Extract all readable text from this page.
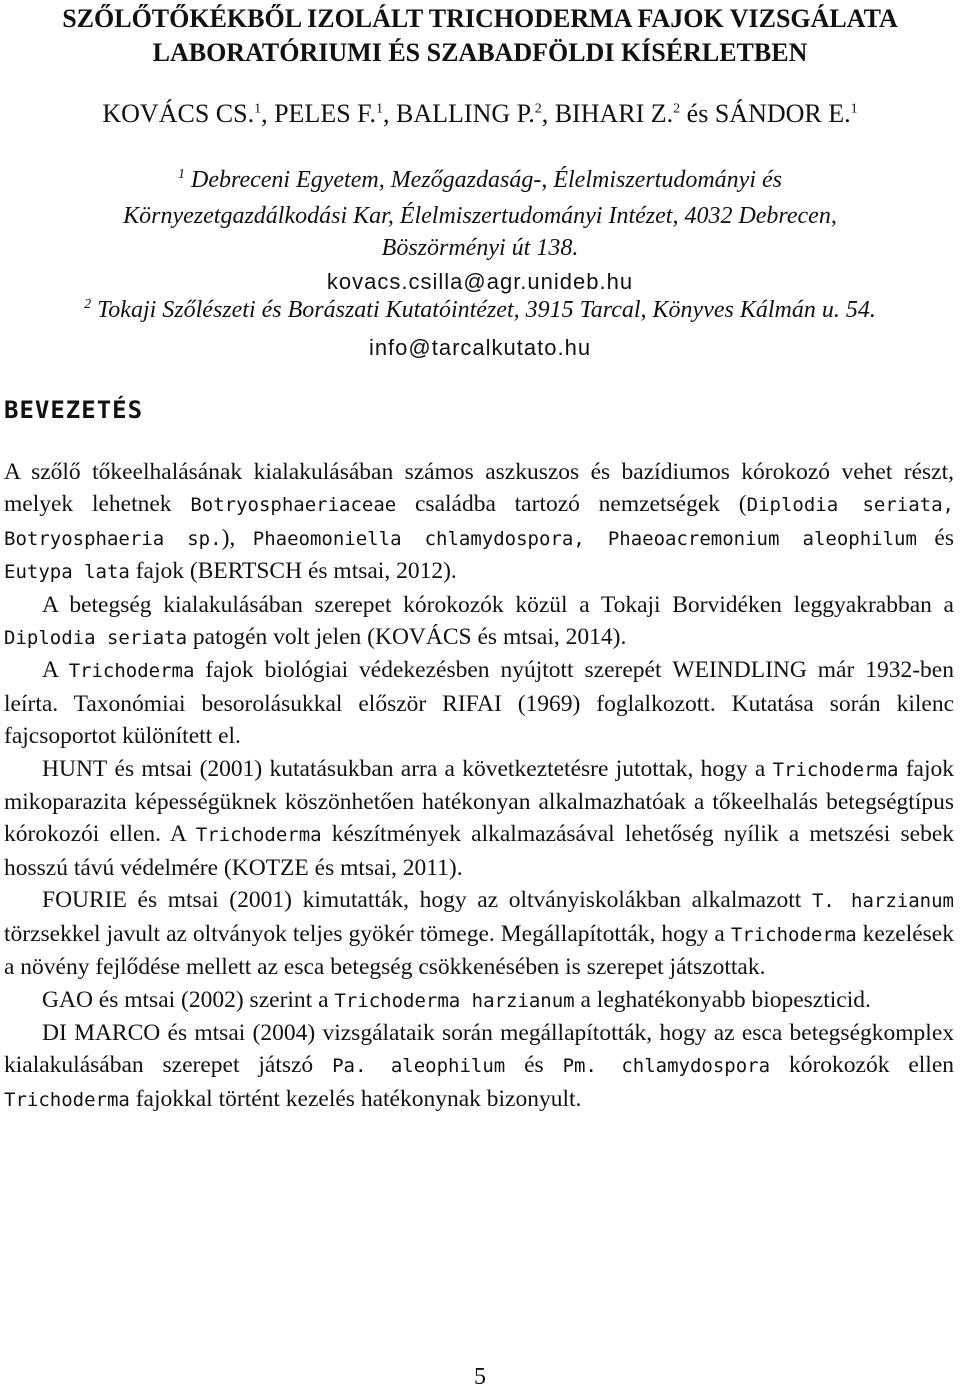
SZŐLŐTŐKÉKBŐL IZOLÁLT TRICHODERMA FAJOK VIZSGÁLATA
LABORATÓRIUMI ÉS SZABADFÖLDI KÍSÉRLETBEN
KOVÁCS CS.$^1$, PELES F.$^1$, BALLING P.$^2$, BIHARI Z.$^2$ és SÁNDOR E.$^1$
$^1$ Debreceni Egyetem, Mezőgazdaság-, Élelmiszertudományi és
Környezetgazdálkodási Kar, Élelmiszertudományi Intézet, 4032 Debrecen,
Böszörményi út 138.
kovacs.csilla@agr.unideb.hu
$^2$ Tokaji Szőlészeti és Borászati Kutatóintézet, 3915 Tarcal, Könyves Kálmán u. 54.
info@tarcalkutato.hu
BEVEZETÉS

A szőlő tőkeelhalásának kialakulásában számos aszkuszos és bazídiumos kórokozó vehet részt, melyek lehetnek Botryosphaeriaceae családba tartozó nemzetségek (Diplodia seriata, Botryosphaeria sp.), Phaeomoniella chlamydospora, Phaeoacremonium aleophilum és Eutypa lata fajok (BERTSCH és mtsai, 2012).

A betegség kialakulásában szerepet kórokozók közül a Tokaji Borvidéken leggyakrabban a Diplodia seriata patogén volt jelen (KOVÁCS és mtsai, 2014).

A Trichoderma fajok biológiai védekezésben nyújtott szerepét WEINDLING már 1932-ben leírta. Taxonómiai besorolásukkal először RIFAI (1969) foglalkozott. Kutatása során kilenc fajcsoportot különített el.

HUNT és mtsai (2001) kutatásukban arra a következtetésre jutottak, hogy a Trichoderma fajok mikoparazita képességüknek köszönhetően hatékonyan alkalmazhatóak a tőkeelhalás betegségtípus kórokozói ellen. A Trichoderma készítmények alkalmazásával lehetőség nyílik a metszési sebek hosszú távú védelmére (KOTZE és mtsai, 2011).

FOURIE és mtsai (2001) kimutatták, hogy az oltványiskolákban alkalmazott T. harzianum törzsekkel javult az oltványok teljes gyökér tömege. Megállapították, hogy a Trichoderma kezelések a növény fejlődése mellett az esca betegség csökkenésében is szerepet játszottak.

GAO és mtsai (2002) szerint a Trichoderma harzianum a leghatékonyabb biopeszticid.

DI MARCO és mtsai (2004) vizsgálataik során megállapították, hogy az esca betegségkomplex kialakulásában szerepet játszó Pa. aleophilum és Pm. chlamydospora kórokozók ellen Trichoderma fajokkal történt kezelés hatékonynak bizonyult.

5
